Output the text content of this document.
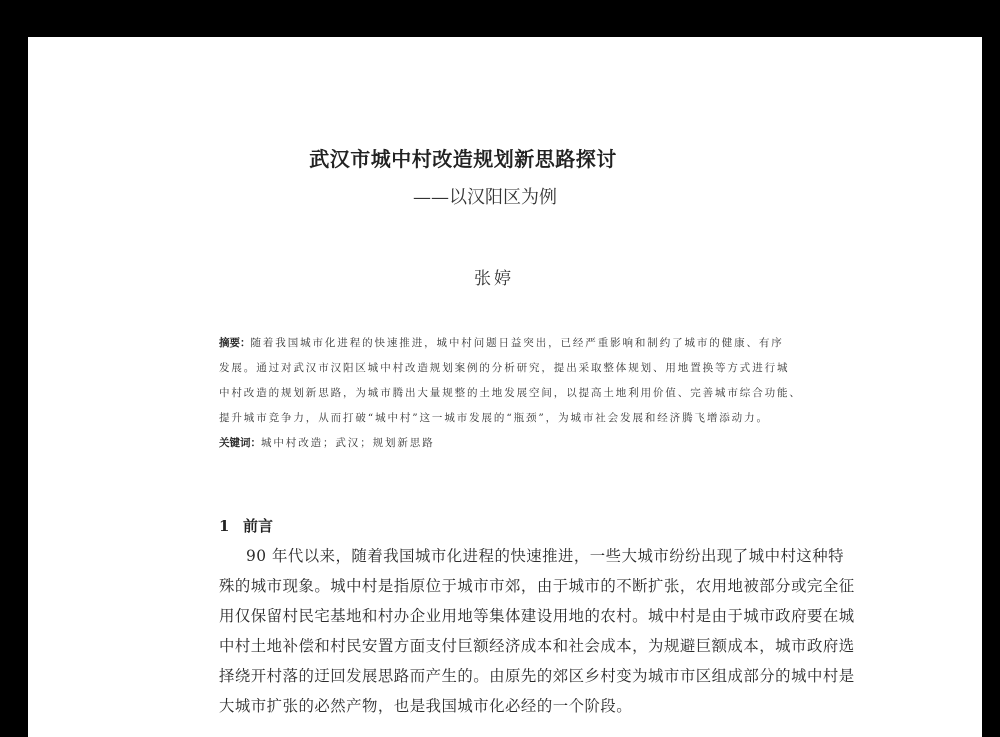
武汉市城中村改造规划新思路探讨
——以汉阳区为例
张婷
摘要：随着我国城市化进程的快速推进，城中村问题日益突出，已经严重影响和制约了城市的健康、有序
发展。通过对武汉市汉阳区城中村改造规划案例的分析研究，提出采取整体规划、用地置换等方式进行城
中村改造的规划新思路，为城市腾出大量规整的土地发展空间，以提高土地利用价值、完善城市综合功能、
提升城市竞争力，从而打破“城中村”这一城市发展的“瓶颈”，为城市社会发展和经济腾飞增添动力。
关键词：城中村改造；武汉；规划新思路
1 前言
90 年代以来，随着我国城市化进程的快速推进，一些大城市纷纷出现了城中村这种特
殊的城市现象。城中村是指原位于城市市郊，由于城市的不断扩张，农用地被部分或完全征
用仅保留村民宅基地和村办企业用地等集体建设用地的农村。城中村是由于城市政府要在城
中村土地补偿和村民安置方面支付巨额经济成本和社会成本，为规避巨额成本，城市政府选
择绕开村落的迂回发展思路而产生的。由原先的郊区乡村变为城市市区组成部分的城中村是
大城市扩张的必然产物，也是我国城市化必经的一个阶段。
